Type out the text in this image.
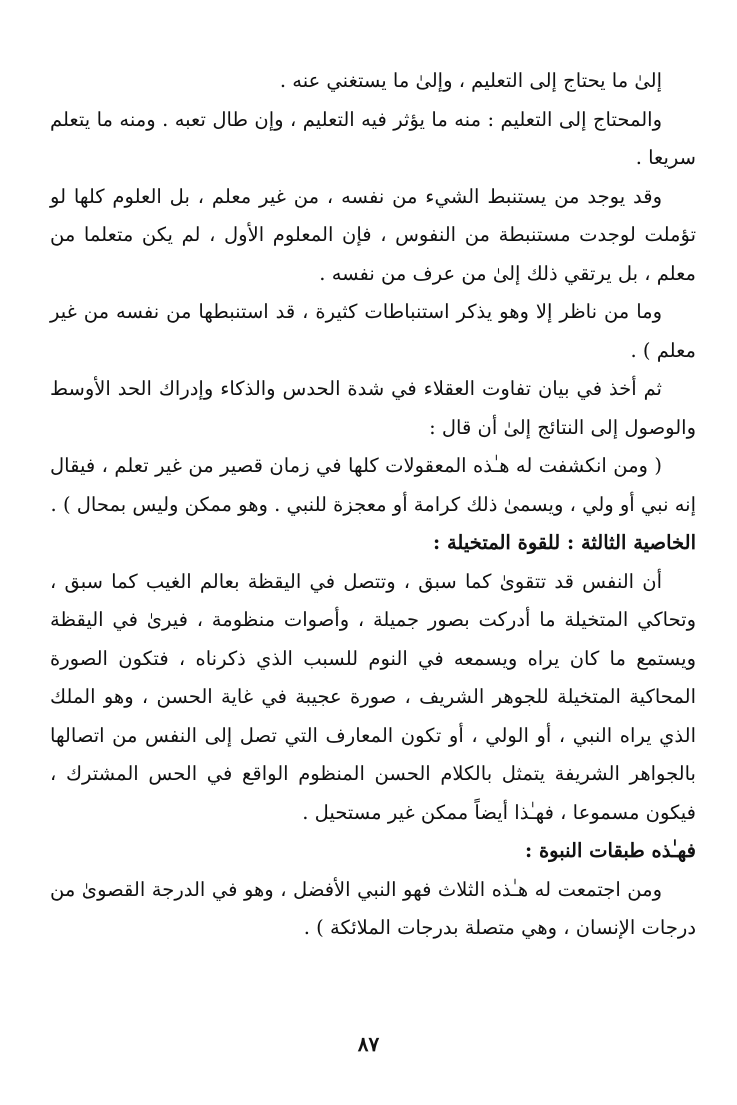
إلىٰ ما يحتاج إلى التعليم ، وإلىٰ ما يستغني عنه .

والمحتاج إلى التعليم : منه ما يؤثر فيه التعليم ، وإن طال تعبه . ومنه ما يتعلم سريعا .

وقد يوجد من يستنبط الشيء من نفسه ، من غير معلم ، بل العلوم كلها لو تؤملت لوجدت مستنبطة من النفوس ، فإن المعلوم الأول ، لم يكن متعلما من معلم ، بل يرتقي ذلك إلىٰ من عرف من نفسه .

وما من ناظر إلا وهو يذكر استنباطات كثيرة ، قد استنبطها من نفسه من غير معلم ) .

ثم أخذ في بيان تفاوت العقلاء في شدة الحدس والذكاء وإدراك الحد الأوسط والوصول إلى النتائج إلىٰ أن قال :

( ومن انكشفت له هـٰذه المعقولات كلها في زمان قصير من غير تعلم ، فيقال إنه نبي أو ولي ، ويسمىٰ ذلك كرامة أو معجزة للنبي . وهو ممكن وليس بمحال ) .

الخاصية الثالثة : للقوة المتخيلة :

أن النفس قد تتقوىٰ كما سبق ، وتتصل في اليقظة بعالم الغيب كما سبق ، وتحاكي المتخيلة ما أدركت بصور جميلة ، وأصوات منظومة ، فيرىٰ في اليقظة ويستمع ما كان يراه ويسمعه في النوم للسبب الذي ذكرناه ، فتكون الصورة المحاكية المتخيلة للجوهر الشريف ، صورة عجيبة في غاية الحسن ، وهو الملك الذي يراه النبي ، أو الولي ، أو تكون المعارف التي تصل إلى النفس من اتصالها بالجواهر الشريفة يتمثل بالكلام الحسن المنظوم الواقع في الحس المشترك ، فيكون مسموعا ، فهـٰذا أيضاً ممكن غير مستحيل .

فهـٰذه طبقات النبوة :

ومن اجتمعت له هـٰذه الثلاث فهو النبي الأفضل ، وهو في الدرجة القصوىٰ من درجات الإنسان ، وهي متصلة بدرجات الملائكة ) .

٨٧
